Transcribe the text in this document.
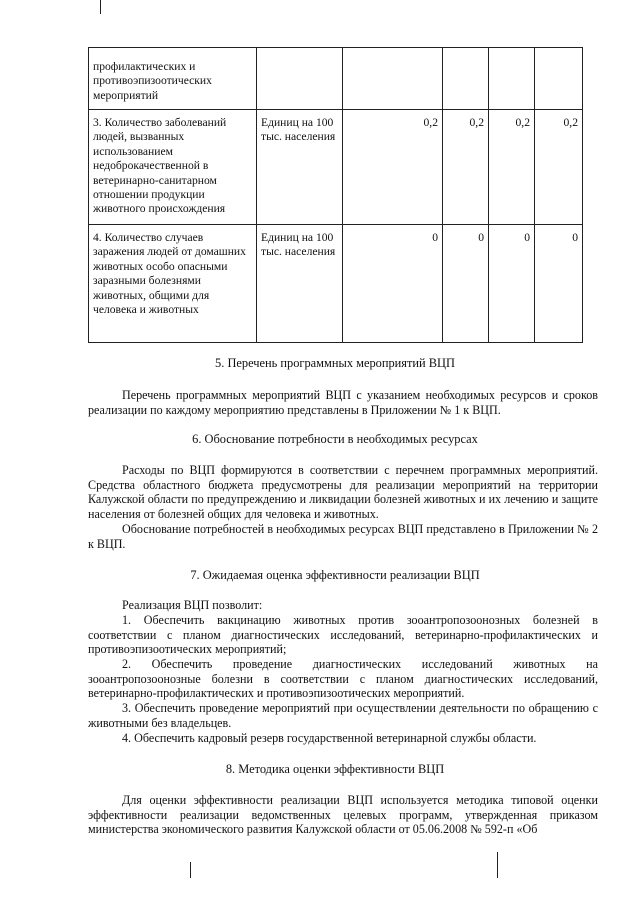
профилактических и противоэпизоотических мероприятий					
3. Количество заболеваний людей, вызванных использованием недоброкачественной в ветеринарно-санитарном отношении продукции животного происхождения	Единиц на 100 тыс. населения	0,2	0,2	0,2	0,2
4. Количество случаев заражения людей от домашних животных особо опасными заразными болезнями животных, общими для человека и животных	Единиц на 100 тыс. населения	0	0	0	0
5. Перечень программных мероприятий ВЦП

Перечень программных мероприятий ВЦП с указанием необходимых ресурсов и сроков реализации по каждому мероприятию представлены в Приложении № 1 к ВЦП.

6. Обоснование потребности в необходимых ресурсах

Расходы по ВЦП формируются в соответствии с перечнем программных мероприятий. Средства областного бюджета предусмотрены для реализации мероприятий на территории Калужской области по предупреждению и ликвидации болезней животных и их лечению и защите населения от болезней общих для человека и животных.

Обоснование потребностей в необходимых ресурсах ВЦП представлено в Приложении № 2 к ВЦП.

7. Ожидаемая оценка эффективности реализации ВЦП

Реализация ВЦП позволит:

1. Обеспечить вакцинацию животных против зооантропозоонозных болезней в соответствии с планом диагностических исследований, ветеринарно-профилактических и противоэпизоотических мероприятий;

2. Обеспечить проведение диагностических исследований животных на зооантропозоонозные болезни в соответствии с планом диагностических исследований, ветеринарно-профилактических и противоэпизоотических мероприятий.

3. Обеспечить проведение мероприятий при осуществлении деятельности по обращению с животными без владельцев.

4. Обеспечить кадровый резерв государственной ветеринарной службы области.

8. Методика оценки эффективности ВЦП

Для оценки эффективности реализации ВЦП используется методика типовой оценки эффективности реализации ведомственных целевых программ, утвержденная приказом министерства экономического развития Калужской области от 05.06.2008 № 592-п «Об
